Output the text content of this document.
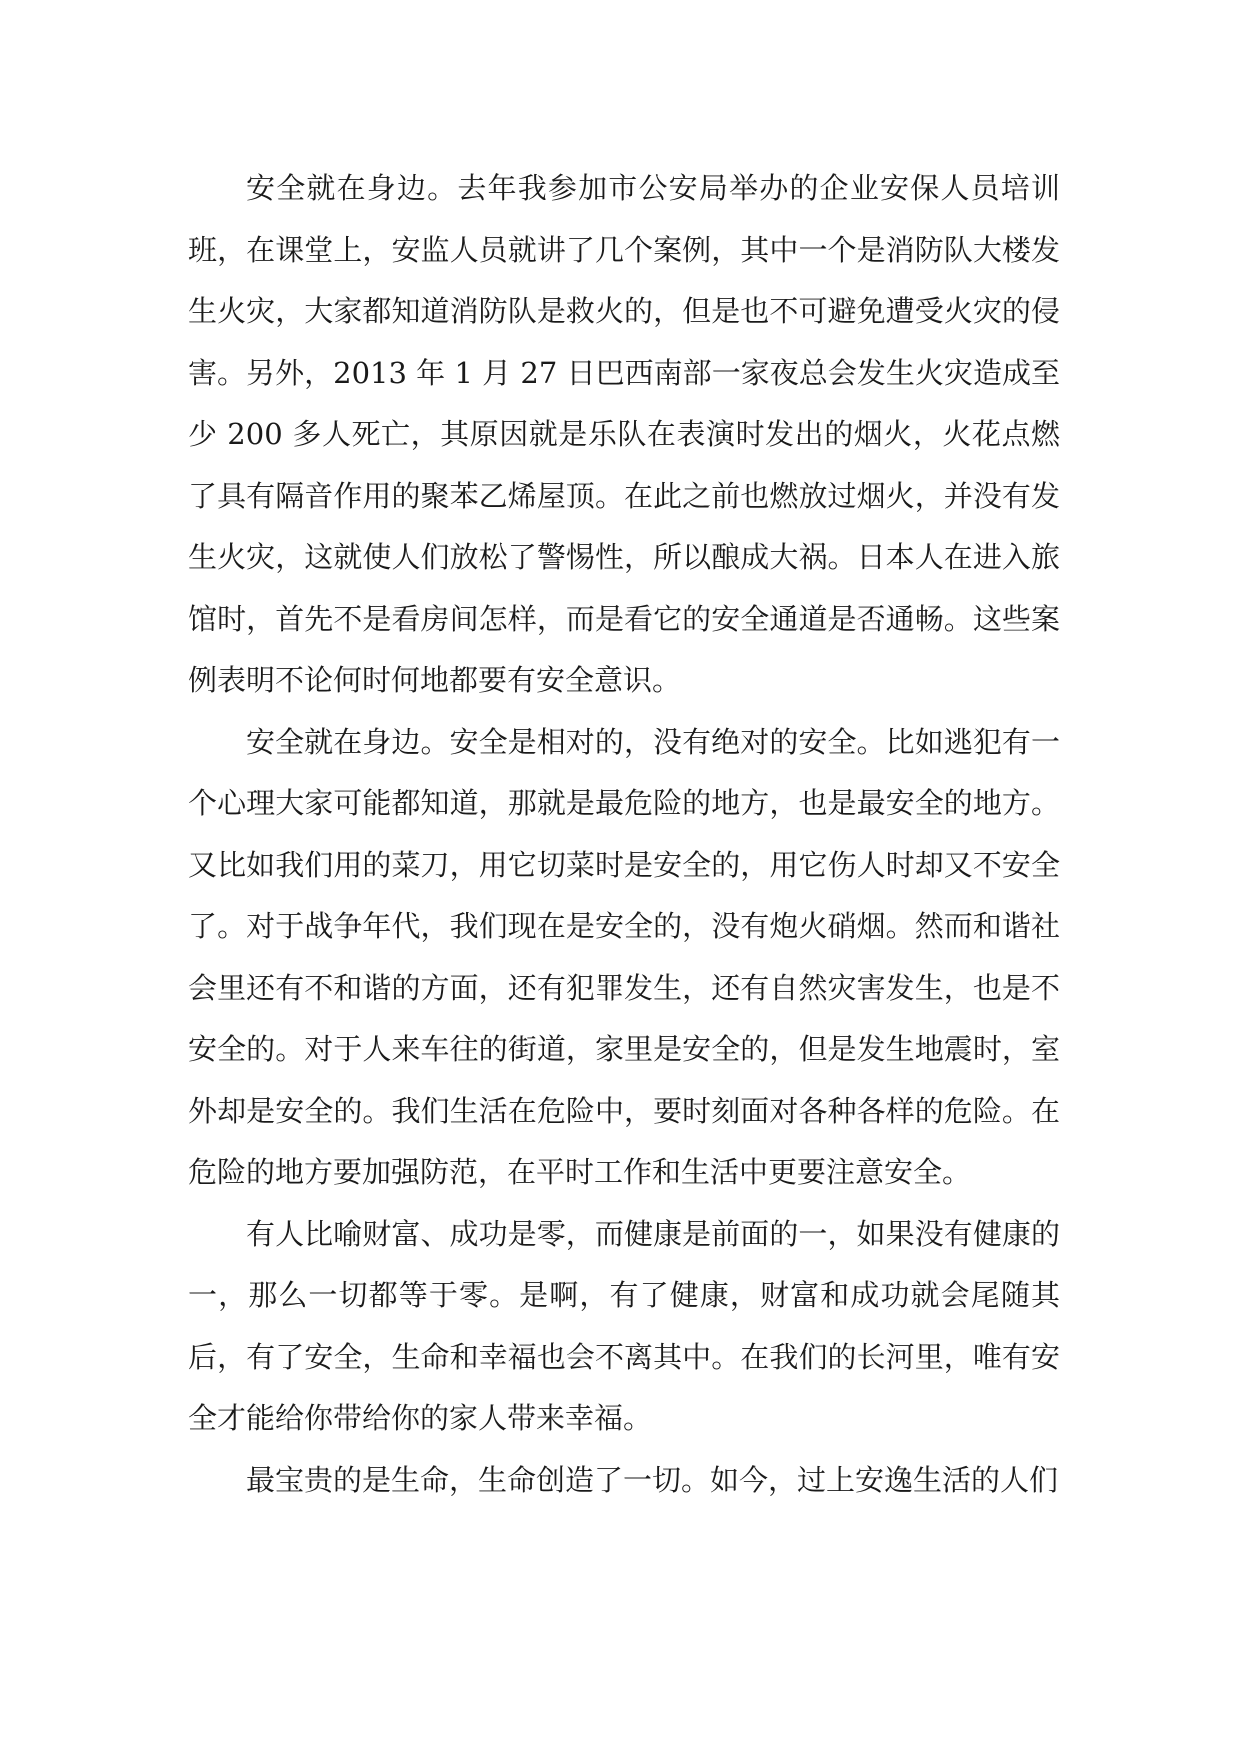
安全就在身边。去年我参加市公安局举办的企业安保人员培训班，在课堂上，安监人员就讲了几个案例，其中一个是消防队大楼发生火灾，大家都知道消防队是救火的，但是也不可避免遭受火灾的侵害。另外，2013 年 1 月 27 日巴西南部一家夜总会发生火灾造成至少 200 多人死亡，其原因就是乐队在表演时发出的烟火，火花点燃了具有隔音作用的聚苯乙烯屋顶。在此之前也燃放过烟火，并没有发生火灾，这就使人们放松了警惕性，所以酿成大祸。日本人在进入旅馆时，首先不是看房间怎样，而是看它的安全通道是否通畅。这些案例表明不论何时何地都要有安全意识。

安全就在身边。安全是相对的，没有绝对的安全。比如逃犯有一个心理大家可能都知道，那就是最危险的地方，也是最安全的地方。又比如我们用的菜刀，用它切菜时是安全的，用它伤人时却又不安全了。对于战争年代，我们现在是安全的，没有炮火硝烟。然而和谐社会里还有不和谐的方面，还有犯罪发生，还有自然灾害发生，也是不安全的。对于人来车往的街道，家里是安全的，但是发生地震时，室外却是安全的。我们生活在危险中，要时刻面对各种各样的危险。在危险的地方要加强防范，在平时工作和生活中更要注意安全。

有人比喻财富、成功是零，而健康是前面的一，如果没有健康的一，那么一切都等于零。是啊，有了健康，财富和成功就会尾随其后，有了安全，生命和幸福也会不离其中。在我们的长河里，唯有安全才能给你带给你的家人带来幸福。

最宝贵的是生命，生命创造了一切。如今，过上安逸生活的人们
